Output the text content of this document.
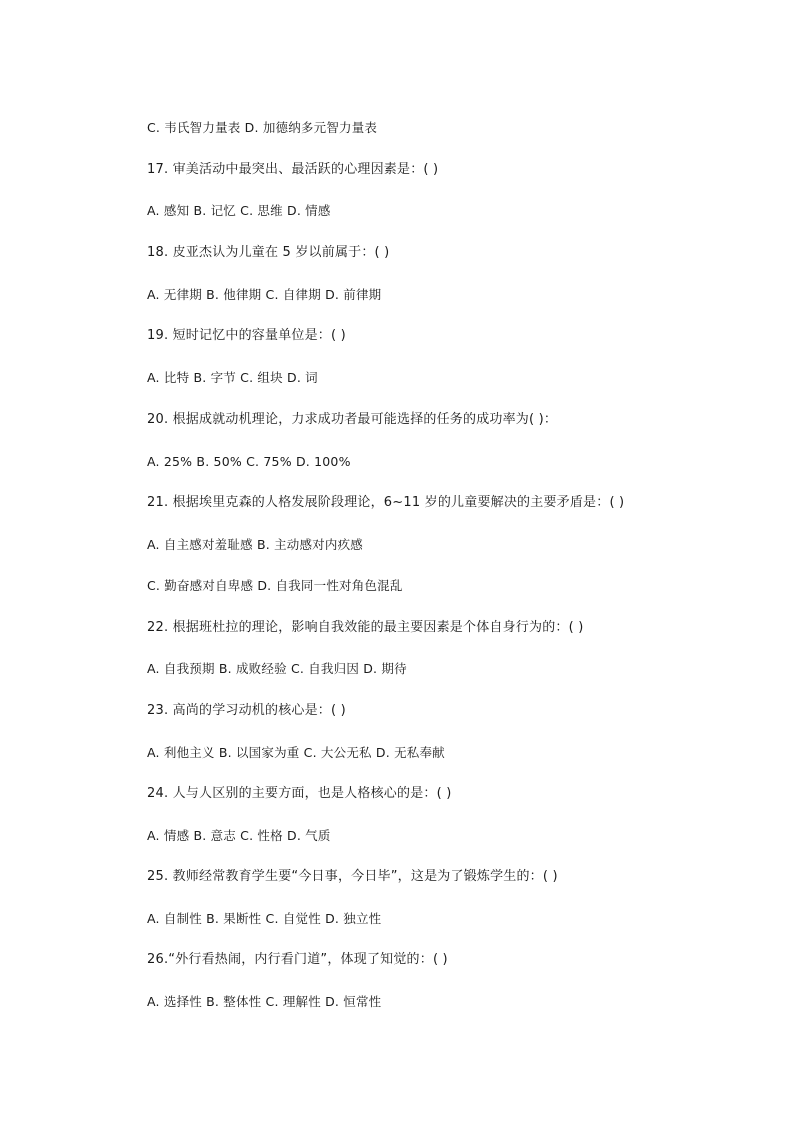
C. 韦氏智力量表 D. 加德纳多元智力量表
17. 审美活动中最突出、最活跃的心理因素是：( )
A. 感知 B. 记忆 C. 思维 D. 情感
18. 皮亚杰认为儿童在 5 岁以前属于：( )
A. 无律期 B. 他律期 C. 自律期 D. 前律期
19. 短时记忆中的容量单位是：( )
A. 比特 B. 字节 C. 组块 D. 词
20. 根据成就动机理论，力求成功者最可能选择的任务的成功率为( )：
A. 25% B. 50% C. 75% D. 100%
21. 根据埃里克森的人格发展阶段理论，6~11 岁的儿童要解决的主要矛盾是：( )
A. 自主感对羞耻感 B. 主动感对内疚感
C. 勤奋感对自卑感 D. 自我同一性对角色混乱
22. 根据班杜拉的理论，影响自我效能的最主要因素是个体自身行为的：( )
A. 自我预期 B. 成败经验 C. 自我归因 D. 期待
23. 高尚的学习动机的核心是：( )
A. 利他主义 B. 以国家为重 C. 大公无私 D. 无私奉献
24. 人与人区别的主要方面，也是人格核心的是：( )
A. 情感 B. 意志 C. 性格 D. 气质
25. 教师经常教育学生要“今日事，今日毕”，这是为了锻炼学生的：( )
A. 自制性 B. 果断性 C. 自觉性 D. 独立性
26.“外行看热闹，内行看门道”，体现了知觉的：( )
A. 选择性 B. 整体性 C. 理解性 D. 恒常性
